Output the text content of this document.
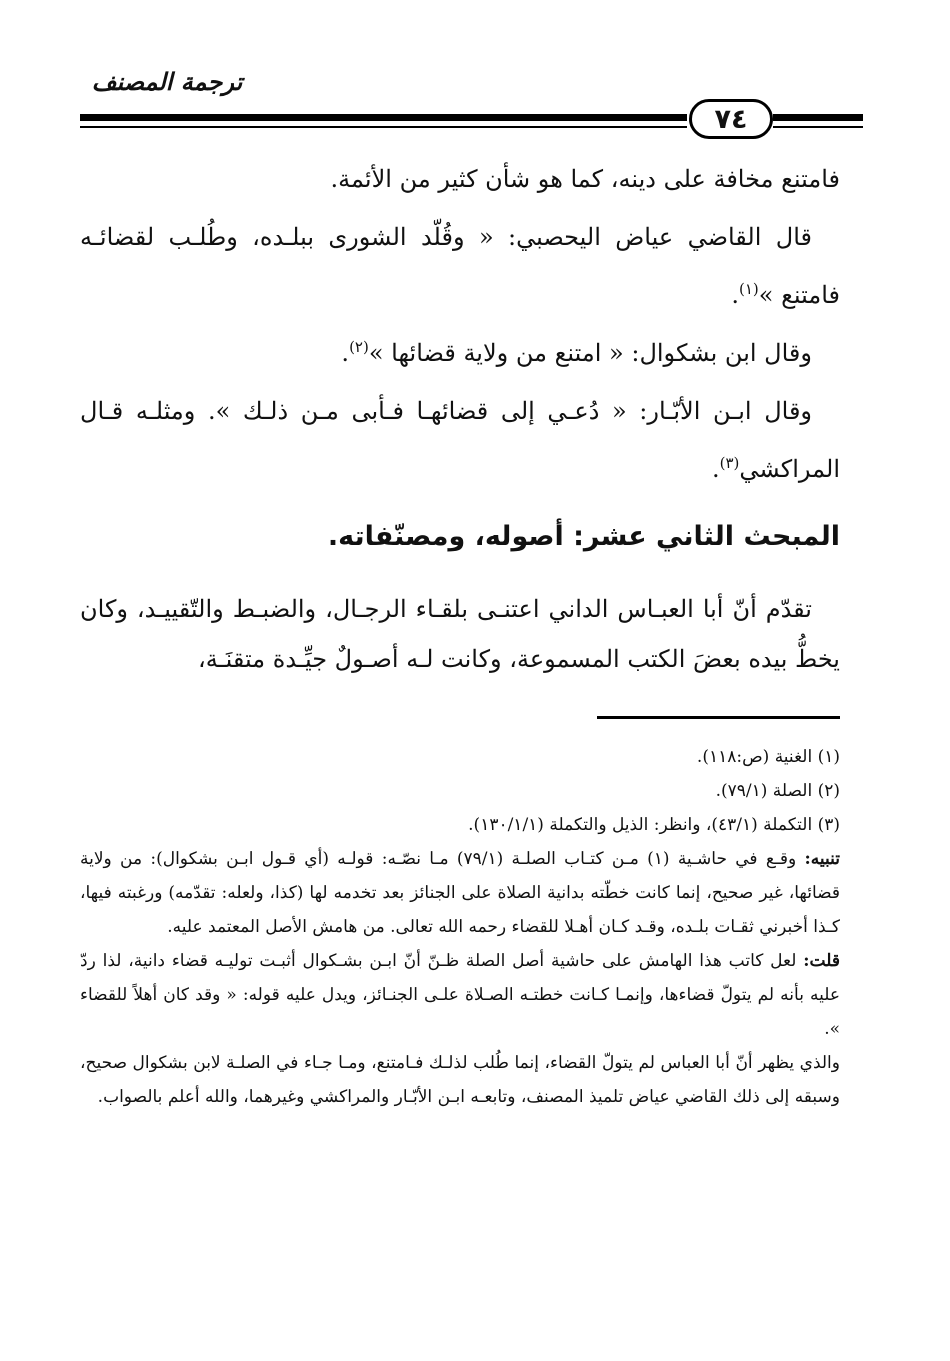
ترجمة المصنف
٧٤

فامتنع مخافة على دينه، كما هو شأن كثير من الأئمة.

قال القاضي عياض اليحصبي: « وقُلّد الشورى ببلـده، وطُلـب لقضائـه فامتنع »$^{(١)}$.

وقال ابن بشكوال: « امتنع من ولاية قضائها »$^{(٢)}$.

وقال ابـن الأبّـار: « دُعـي إلى قضائهـا فـأبى مـن ذلـك ». ومثلـه قـال المراكشي$^{(٣)}$.

المبحث الثاني عشر: أصوله، ومصنّفاته.

تقدّم أنّ أبا العبـاس الداني اعتنـى بلقـاء الرجـال، والضبـط والتّقييـد، وكان يخطُّ بيده بعضَ الكتب المسموعة، وكانت لـه أصـولٌ جيِّـدة متقنَـة،

(١) الغنية (ص:١١٨).

(٢) الصلة (٧٩/١).

(٣) التكملة (٤٣/١)، وانظر: الذيل والتكملة (١٣٠/١/١).

تنبيه: وقـع في حاشـية (١) مـن كتـاب الصلـة (٧٩/١) مـا نصّـه: قولـه (أي قـول ابـن بشكوال): من ولاية قضائها، غير صحيح، إنما كانت خطّته بدانية الصلاة على الجنائز بعد تخدمه لها (كذا، ولعله: تقدّمه) ورغبته فيها، كـذا أخبرني ثقـات بلـده، وقـد كـان أهـلا للقضاء رحمه الله تعالى. من هامش الأصل المعتمد عليه.

قلت: لعل كاتب هذا الهامش على حاشية أصل الصلة ظـنّ أنّ ابـن بشـكوال أثبـت توليـه قضاء دانية، لذا ردّ عليه بأنه لم يتولّ قضاءها، وإنمـا كـانت خطتـه الصـلاة علـى الجنـائز، ويدل عليه قوله: « وقد كان أهلاً للقضاء ».

والذي يظهر أنّ أبا العباس لم يتولّ القضاء، إنما طُلب لذلـك فـامتنع، ومـا جـاء في الصلـة لابن بشكوال صحيح، وسبقه إلى ذلك القاضي عياض تلميذ المصنف، وتابعـه ابـن الأبّـار والمراكشي وغيرهما، والله أعلم بالصواب.
